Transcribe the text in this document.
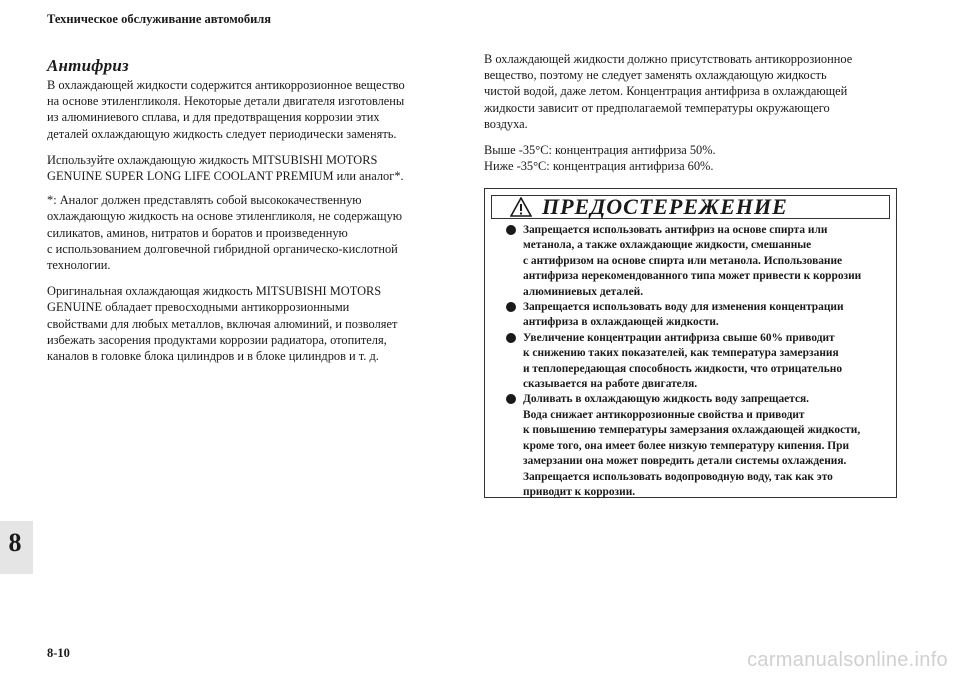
Техническое обслуживание автомобиля
Антифриз

В охлаждающей жидкости содержится антикоррозионное вещество
на основе этиленгликоля. Некоторые детали двигателя изготовлены
из алюминиевого сплава, и для предотвращения коррозии этих
деталей охлаждающую жидкость следует периодически заменять.

Используйте охлаждающую жидкость MITSUBISHI MOTORS
GENUINE SUPER LONG LIFE COOLANT PREMIUM или аналог*.

*: Аналог должен представлять собой высококачественную
охлаждающую жидкость на основе этиленгликоля, не содержащую
силикатов, аминов, нитратов и боратов и произведенную
с использованием долговечной гибридной органическо-кислотной
технологии.

Оригинальная охлаждающая жидкость MITSUBISHI MOTORS
GENUINE обладает превосходными антикоррозионными
свойствами для любых металлов, включая алюминий, и позволяет
избежать засорения продуктами коррозии радиатора, отопителя,
каналов в головке блока цилиндров и в блоке цилиндров и т. д.

В охлаждающей жидкости должно присутствовать антикоррозионное
вещество, поэтому не следует заменять охлаждающую жидкость
чистой водой, даже летом. Концентрация антифриза в охлаждающей
жидкости зависит от предполагаемой температуры окружающего
воздуха.

Выше -35°C: концентрация антифриза 50%.
Ниже -35°C: концентрация антифриза 60%.

ПРЕДОСТЕРЕЖЕНИЕ
Запрещается использовать антифриз на основе спирта или
метанола, а также охлаждающие жидкости, смешанные
с антифризом на основе спирта или метанола. Использование
антифриза нерекомендованного типа может привести к коррозии
алюминиевых деталей.
Запрещается использовать воду для изменения концентрации
антифриза в охлаждающей жидкости.
Увеличение концентрации антифриза свыше 60% приводит
к снижению таких показателей, как температура замерзания
и теплопередающая способность жидкости, что отрицательно
сказывается на работе двигателя.
Доливать в охлаждающую жидкость воду запрещается.
Вода снижает антикоррозионные свойства и приводит
к повышению температуры замерзания охлаждающей жидкости,
кроме того, она имеет более низкую температуру кипения. При
замерзании она может повредить детали системы охлаждения.
Запрещается использовать водопроводную воду, так как это
приводит к коррозии.
8
8-10	carmanualsonline.info
